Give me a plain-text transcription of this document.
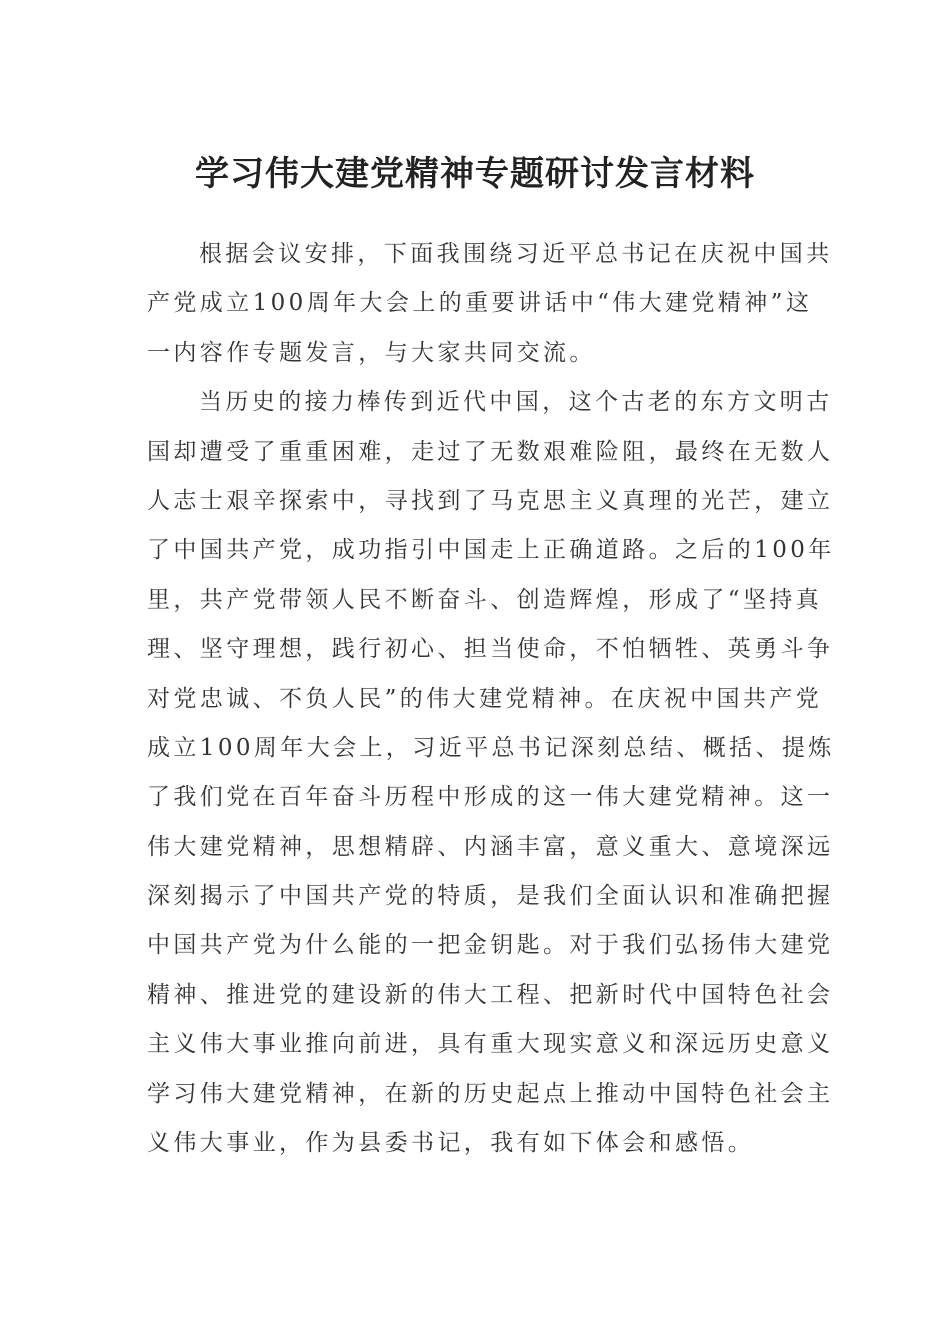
学习伟大建党精神专题研讨发言材料
根据会议安排，下面我围绕习近平总书记在庆祝中国共
产党成立100周年大会上的重要讲话中“伟大建党精神”这
一内容作专题发言，与大家共同交流。
当历史的接力棒传到近代中国，这个古老的东方文明古
国却遭受了重重困难，走过了无数艰难险阻，最终在无数人
人志士艰辛探索中，寻找到了马克思主义真理的光芒，建立
了中国共产党，成功指引中国走上正确道路。之后的100年
里，共产党带领人民不断奋斗、创造辉煌，形成了“坚持真
理、坚守理想，践行初心、担当使命，不怕牺牲、英勇斗争
对党忠诚、不负人民”的伟大建党精神。在庆祝中国共产党
成立100周年大会上，习近平总书记深刻总结、概括、提炼
了我们党在百年奋斗历程中形成的这一伟大建党精神。这一
伟大建党精神，思想精辟、内涵丰富，意义重大、意境深远
深刻揭示了中国共产党的特质，是我们全面认识和准确把握
中国共产党为什么能的一把金钥匙。对于我们弘扬伟大建党
精神、推进党的建设新的伟大工程、把新时代中国特色社会
主义伟大事业推向前进，具有重大现实意义和深远历史意义
学习伟大建党精神，在新的历史起点上推动中国特色社会主
义伟大事业，作为县委书记，我有如下体会和感悟。
